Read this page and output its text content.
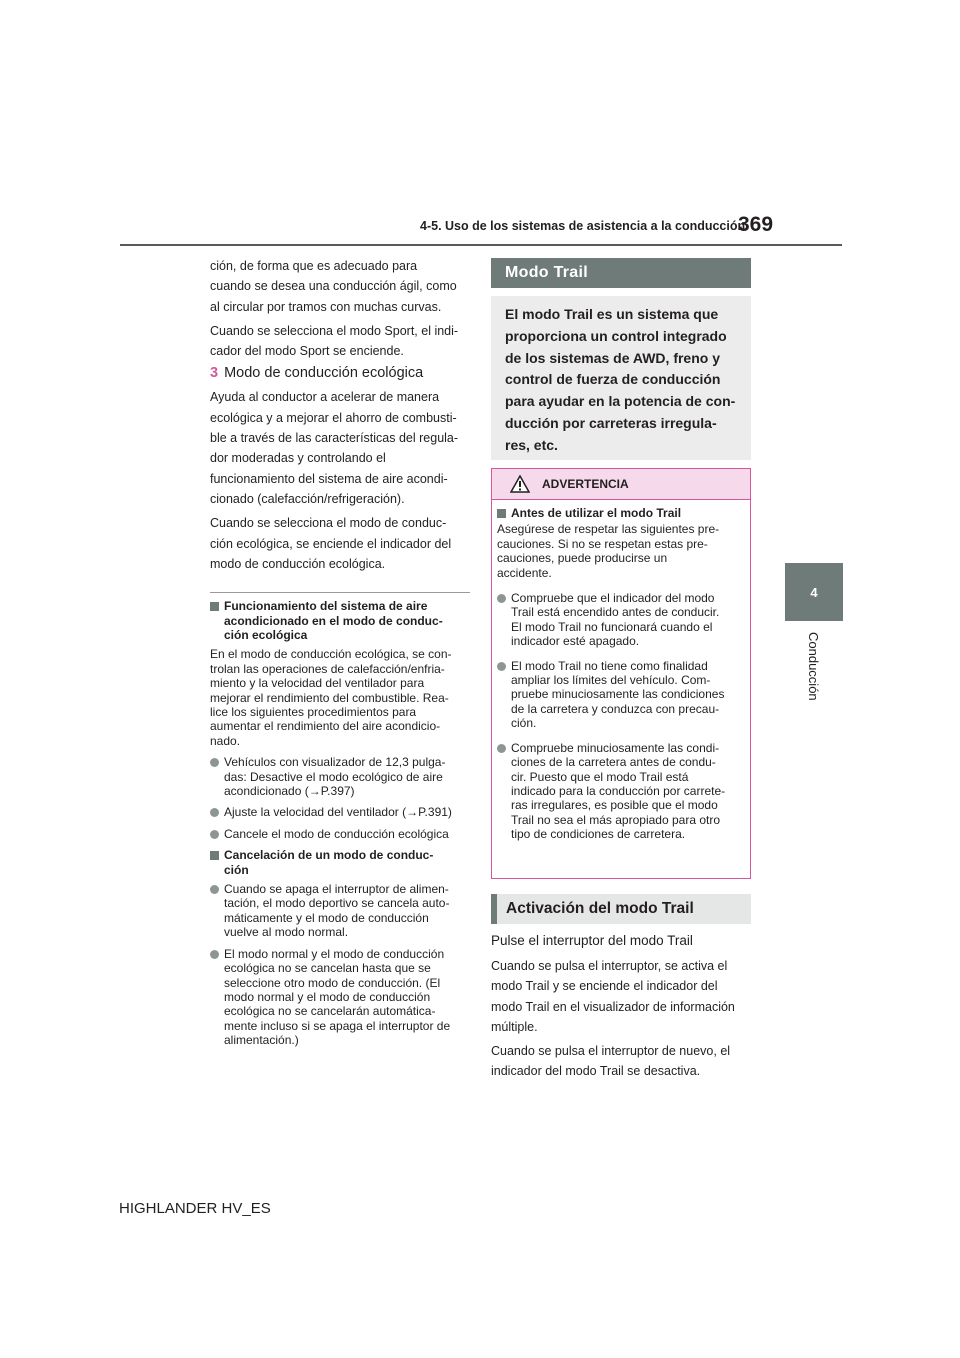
4-5. Uso de los sistemas de asistencia a la conducción
369
4
Conducción
ción, de forma que es adecuado para
cuando se desea una conducción ágil, como
al circular por tramos con muchas curvas.
Cuando se selecciona el modo Sport, el indi-
cador del modo Sport se enciende.
3 Modo de conducción ecológica
Ayuda al conductor a acelerar de manera
ecológica y a mejorar el ahorro de combusti-
ble a través de las características del regula-
dor moderadas y controlando el
funcionamiento del sistema de aire acondi-
cionado (calefacción/refrigeración).
Cuando se selecciona el modo de conduc-
ción ecológica, se enciende el indicador del
modo de conducción ecológica.
Funcionamiento del sistema de aire
acondicionado en el modo de conduc-
ción ecológica
En el modo de conducción ecológica, se con-
trolan las operaciones de calefacción/enfria-
miento y la velocidad del ventilador para
mejorar el rendimiento del combustible. Rea-
lice los siguientes procedimientos para
aumentar el rendimiento del aire acondicio-
nado.
Vehículos con visualizador de 12,3 pulga-
das: Desactive el modo ecológico de aire
acondicionado (→P.397)
Ajuste la velocidad del ventilador (→P.391)
Cancele el modo de conducción ecológica
Cancelación de un modo de conduc-
ción
Cuando se apaga el interruptor de alimen-
tación, el modo deportivo se cancela auto-
máticamente y el modo de conducción
vuelve al modo normal.
El modo normal y el modo de conducción
ecológica no se cancelan hasta que se
seleccione otro modo de conducción. (El
modo normal y el modo de conducción
ecológica no se cancelarán automática-
mente incluso si se apaga el interruptor de
alimentación.)
Modo Trail

El modo Trail es un sistema que
proporciona un control integrado
de los sistemas de AWD, freno y
control de fuerza de conducción
para ayudar en la potencia de con-
ducción por carreteras irregula-
res, etc.

ADVERTENCIA
Antes de utilizar el modo Trail
Asegúrese de respetar las siguientes pre-
cauciones. Si no se respetan estas pre-
cauciones, puede producirse un
accidente.
Compruebe que el indicador del modo
Trail está encendido antes de conducir.
El modo Trail no funcionará cuando el
indicador esté apagado.
El modo Trail no tiene como finalidad
ampliar los límites del vehículo. Com-
pruebe minuciosamente las condiciones
de la carretera y conduzca con precau-
ción.
Compruebe minuciosamente las condi-
ciones de la carretera antes de condu-
cir. Puesto que el modo Trail está
indicado para la conducción por carrete-
ras irregulares, es posible que el modo
Trail no sea el más apropiado para otro
tipo de condiciones de carretera.
Activación del modo Trail
Pulse el interruptor del modo Trail
Cuando se pulsa el interruptor, se activa el
modo Trail y se enciende el indicador del
modo Trail en el visualizador de información
múltiple.
Cuando se pulsa el interruptor de nuevo, el
indicador del modo Trail se desactiva.
HIGHLANDER HV_ES
